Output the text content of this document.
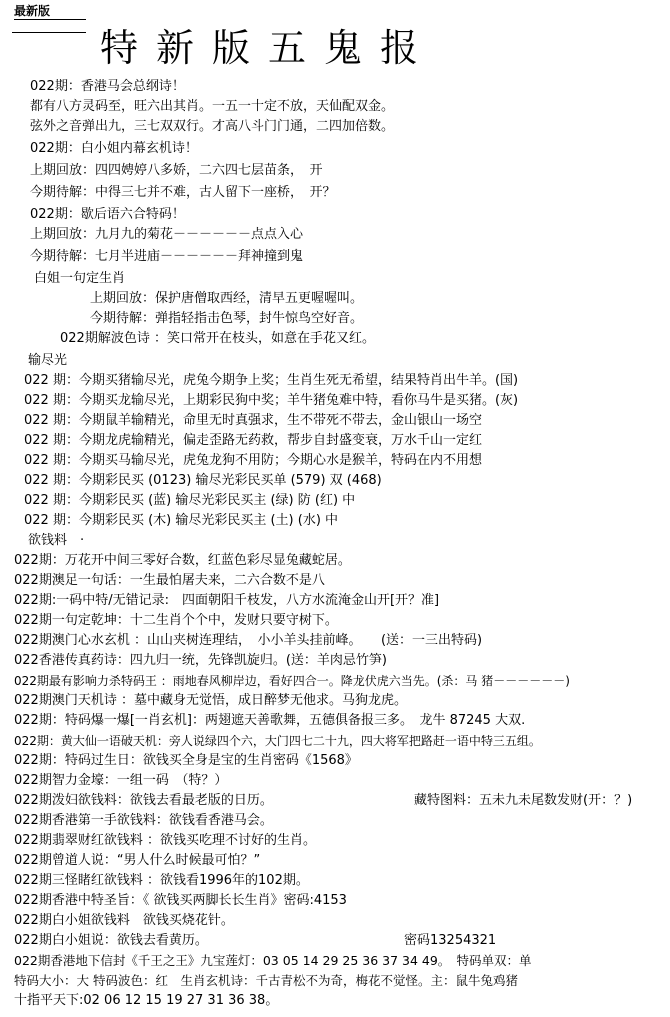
最新版
特新版五鬼报
022期：香港马会总纲诗！
都有八方灵码至，旺六出其肖。一五一十定不放，天仙配双金。
弦外之音弹出九，三七双双行。才高八斗门门通，二四加倍数。
022期：白小姐内幕玄机诗！
上期回放：四四娉婷八多娇，二六四七层苗条，　开
今期待解：中得三七并不难，古人留下一座桥，　开？
022期：歇后语六合特码！
上期回放：九月九的菊花－－－－－－点点入心
今期待解：七月半进庙－－－－－－拜神撞到鬼
白姐一句定生肖
上期回放：保护唐僧取西经，清早五更喔喔叫。
今期待解：弹指轻指击色琴，封牛惊鸟空好音。
022期解波色诗 ：笑口常开在枝头，如意在手花又红。
输尽光
022 期：今期买猪输尽光，虎兔今期争上奖；生肖生死无希望，结果特肖出牛羊。(国)
022 期：今期买龙输尽光，上期彩民狗中奖；羊牛猪兔难中特，看你马牛是买猪。(灰)
022 期：今期鼠羊输精光，命里无时真强求，生不带死不带去，金山银山一场空
022 期：今期龙虎输精光，偏走歪路无药救，帮步自封盛变衰，万水千山一定红
022 期：今期买马输尽光，虎兔龙狗不用防；今期心水是猴羊，特码在内不用想
022 期：今期彩民买 (0123) 输尽光彩民买单 (579) 双 (468)
022 期：今期彩民买 (蓝) 输尽光彩民买主 (绿) 防 (红) 中
022 期：今期彩民买 (木) 输尽光彩民买主 (土) (水) 中
欲钱料　·
022期：万花开中间三零好合数，红蓝色彩尽显兔藏蛇居。
022期澳足一句话：一生最怕屠夫来，二六合数不是八
022期:一码中特/无错记录:　四面朝阳千枝发，八方水流淹金山开[开？准]
022期一句定乾坤：十二生肖个个中，发财只要守树下。
022期澳门心水玄机 ：山山夹树连理结，　小小羊头挂前峰。　　(送：一三出特码)
022香港传真药诗：四九归一统，先锋凯旋归。(送：羊肉忌竹笋)
022期最有影响力杀特码王 ：雨地春风柳岸边，看好四合一。降龙伏虎六当先。(杀：马 猪－－－－－－)
022期澳门天机诗 ：墓中藏身无觉悟，成日醉梦无他求。马狗龙虎。
022期：特码爆一爆[一肖玄机]：两翅遮天善歌舞，五德俱备报三多。　龙牛 87245 大双.
022期：黄大仙一语破天机：旁人说绿四个六，大门四七二十九，四大将军把路赶一语中特三五组。
022期：特码过生日：欲钱买全身是宝的生肖密码《1568》
022期智力金壕：一组一码　（特？）
022期泼妇欲钱料：欲钱去看最老版的日历。	藏特图料：五未九未尾数发财(开：？)
022期香港第一手欲钱料：欲钱看香港马会。
022期翡翠财红欲钱料 ：欲钱买吃理不讨好的生肖。
022期曾道人说：“男人什么时候最可怕？”
022期三怪睹红欲钱料 ：欲钱看1996年的102期。
022期香港中特圣旨：《 欲钱买两脚长长生肖》密码:4153
022期白小姐欲钱料　欲钱买烧花针。
022期白小姐说：欲钱去看黄历。	密码13254321
022期香港地下信封《千王之王》九宝莲灯：03 05 14 29 25 36 37 34 49。　特码单双：单
特码大小：大 特码波色：红　生肖玄机诗：千古青松不为奇，梅花不觉怪。主：鼠牛兔鸡猪
十指平天下:02 06 12 15 19 27 31 36 38。
